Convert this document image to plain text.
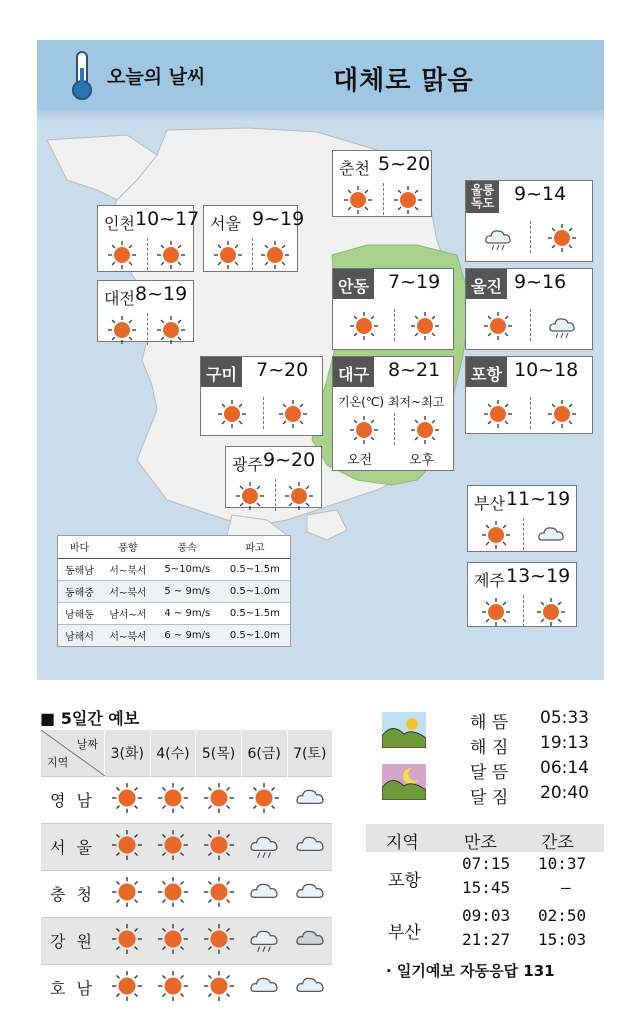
오늘의 날씨	대체로 맑음
인천 10~17 서울 9~19
춘천 5~20
울릉
독도 9~14
대전 8~19	안동 7~19	울진 9~16
구미 7~20	대구 8~21
기온(℃) 최저~최고
오전	오후
포항 10~18
광주 9~20
부산 11~19
제주 13~19
바다	풍향	풍속	파고
동해남	서~북서	5~10m/s	0.5~1.5m
동해중	서~북서	5 ~ 9m/s	0.5~1.0m
남해동	남서~서	4 ~ 9m/s	0.5~1.5m
남해서	서~북서	6 ~ 9m/s	0.5~1.0m
■ 5일간 예보
날짜
지역	3(화)	4(수)	5(목)	6(금)	7(토)
영 남					
서 울					
충 청					
강 원					
호 남					
해 뜸 05:33
해 짐 19:13
달 뜸 06:14
달 짐 20:40
지역	만조	간조
포항
07:15 10:37
15:45	–
부산
09:03 02:50
21:27 15:03
· 일기예보 자동응답 131
